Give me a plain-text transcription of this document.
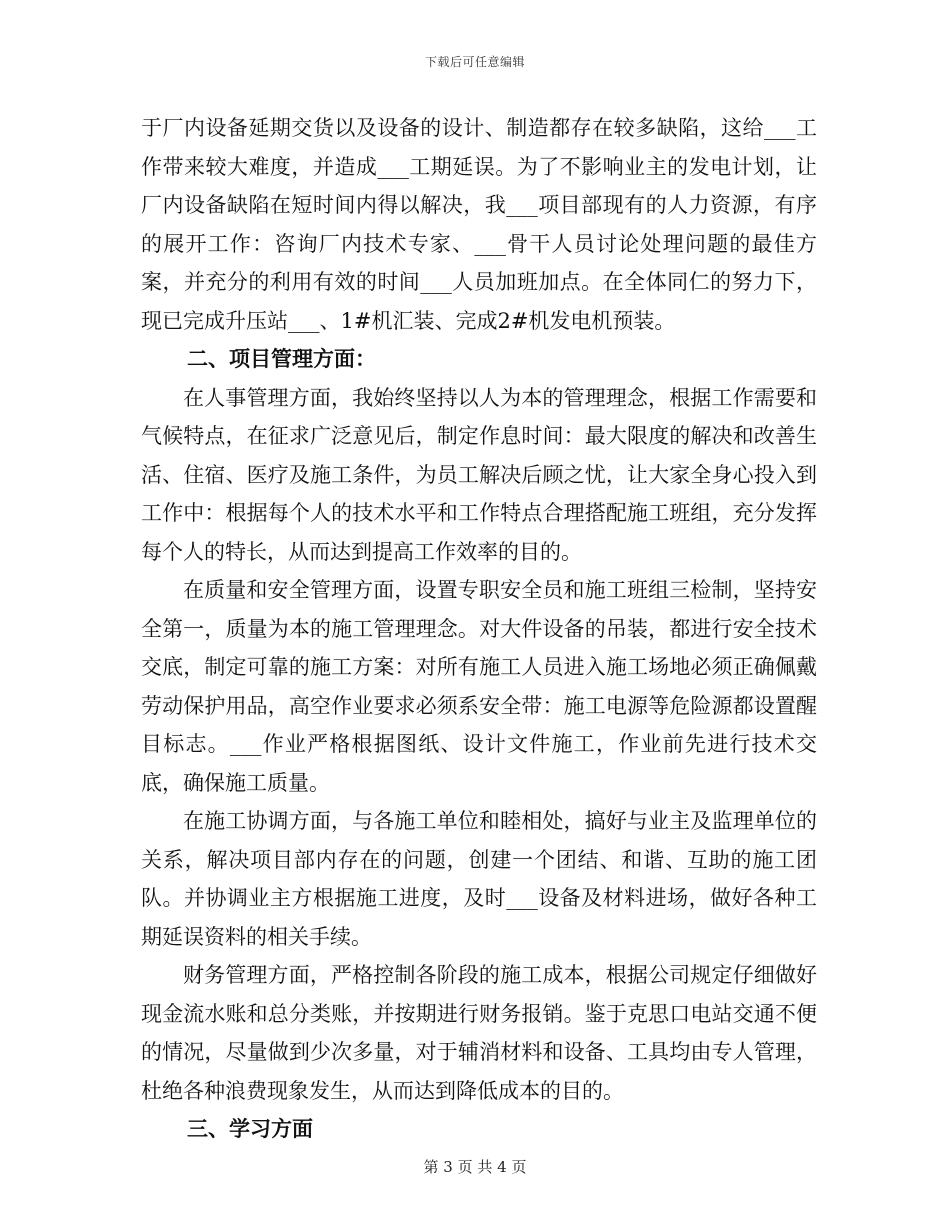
下载后可任意编辑

于厂内设备延期交货以及设备的设计、制造都存在较多缺陷，这给___工作带来较大难度，并造成___工期延误。为了不影响业主的发电计划，让厂内设备缺陷在短时间内得以解决，我___项目部现有的人力资源，有序的展开工作：咨询厂内技术专家、___骨干人员讨论处理问题的最佳方案，并充分的利用有效的时间___人员加班加点。在全体同仁的努力下，现已完成升压站___、1#机汇装、完成2#机发电机预装。

二、项目管理方面：

在人事管理方面，我始终坚持以人为本的管理理念，根据工作需要和气候特点，在征求广泛意见后，制定作息时间：最大限度的解决和改善生活、住宿、医疗及施工条件，为员工解决后顾之忧，让大家全身心投入到工作中：根据每个人的技术水平和工作特点合理搭配施工班组，充分发挥每个人的特长，从而达到提高工作效率的目的。

在质量和安全管理方面，设置专职安全员和施工班组三检制，坚持安全第一，质量为本的施工管理理念。对大件设备的吊装，都进行安全技术交底，制定可靠的施工方案：对所有施工人员进入施工场地必须正确佩戴劳动保护用品，高空作业要求必须系安全带：施工电源等危险源都设置醒目标志。___作业严格根据图纸、设计文件施工，作业前先进行技术交底，确保施工质量。

在施工协调方面，与各施工单位和睦相处，搞好与业主及监理单位的关系，解决项目部内存在的问题，创建一个团结、和谐、互助的施工团队。并协调业主方根据施工进度，及时___设备及材料进场，做好各种工期延误资料的相关手续。

财务管理方面，严格控制各阶段的施工成本，根据公司规定仔细做好现金流水账和总分类账，并按期进行财务报销。鉴于克思口电站交通不便的情况，尽量做到少次多量，对于辅消材料和设备、工具均由专人管理，杜绝各种浪费现象发生，从而达到降低成本的目的。

三、学习方面

第 3 页 共 4 页
